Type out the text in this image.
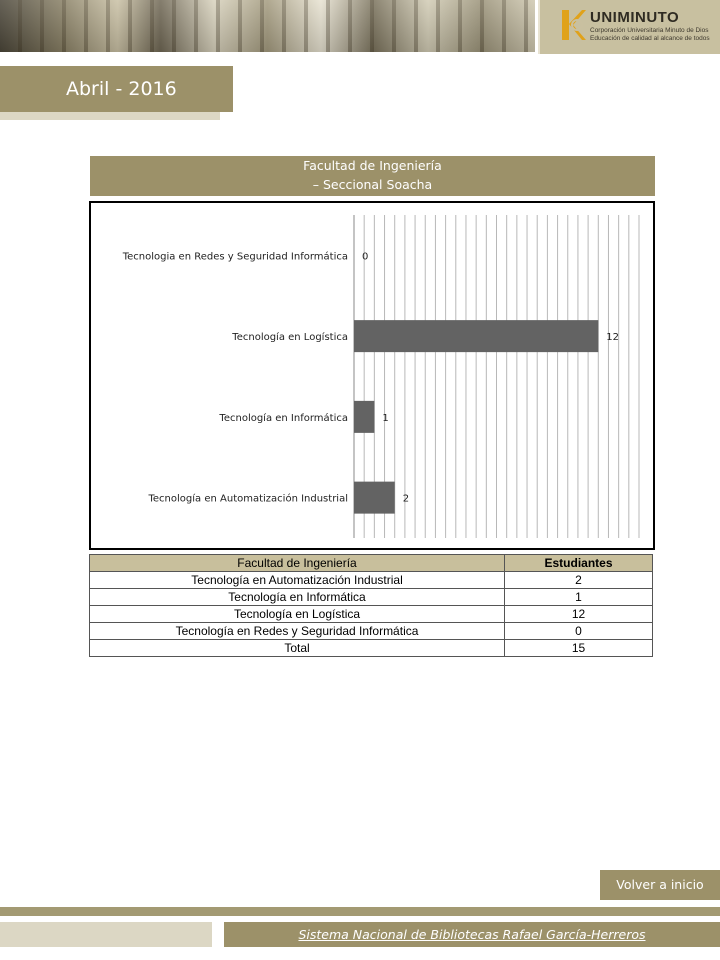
UNIMINUTO
Corporación Universitaria Minuto de Dios
Educación de calidad al alcance de todos
Abril - 2016
Facultad de Ingeniería
– Seccional Soacha
Tecnologia en Redes y Seguridad Informática 0
Tecnología en Logística	12
Tecnología en Informática	1
Tecnología en Automatización Industrial	2
Facultad de Ingeniería	Estudiantes
Tecnología en Automatización Industrial	2
Tecnología en Informática	1
Tecnología en Logística	12
Tecnología en Redes y Seguridad Informática	0
Total	15
Volver a inicio
Sistema Nacional de Bibliotecas Rafael García-Herreros
